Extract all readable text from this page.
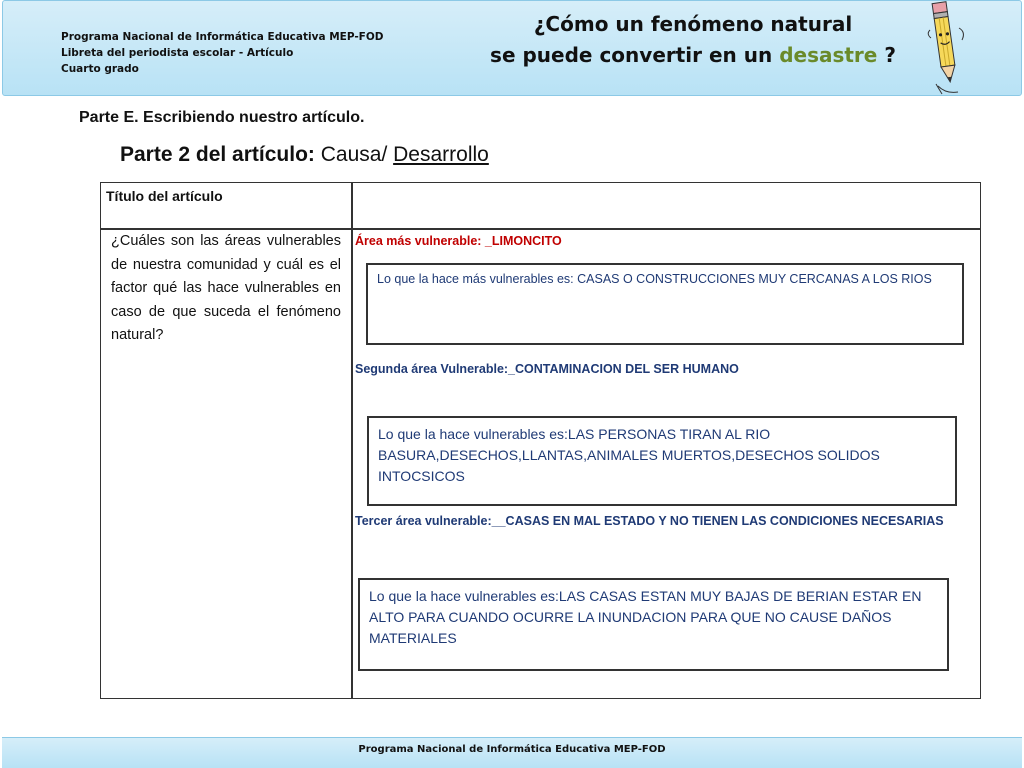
Programa Nacional de Informática Educativa MEP-FOD
Libreta del periodista escolar - Artículo
Cuarto grado
¿Cómo un fenómeno natural
se puede convertir en un desastre ?
Parte E. Escribiendo nuestro artículo.
Parte 2 del artículo: Causa/ Desarrollo
Título del artículo
¿Cuáles son las áreas vulnerables de nuestra comunidad y cuál es el factor qué las hace vulnerables en caso de que suceda el fenómeno natural?
Área más vulnerable: _LIMONCITO
Lo que la hace más vulnerables es: CASAS O CONSTRUCCIONES MUY CERCANAS A LOS RIOS
Segunda área Vulnerable:_CONTAMINACION DEL SER HUMANO
Lo que la hace vulnerables es:LAS PERSONAS TIRAN AL RIO BASURA,DESECHOS,LLANTAS,ANIMALES MUERTOS,DESECHOS SOLIDOS INTOCSICOS
Tercer área vulnerable:__CASAS EN MAL ESTADO Y NO TIENEN LAS CONDICIONES NECESARIAS
Lo que la hace vulnerables es:LAS CASAS ESTAN MUY BAJAS DE BERIAN ESTAR EN ALTO PARA CUANDO OCURRE LA INUNDACION PARA QUE NO CAUSE DAÑOS MATERIALES
Programa Nacional de Informática Educativa MEP-FOD
